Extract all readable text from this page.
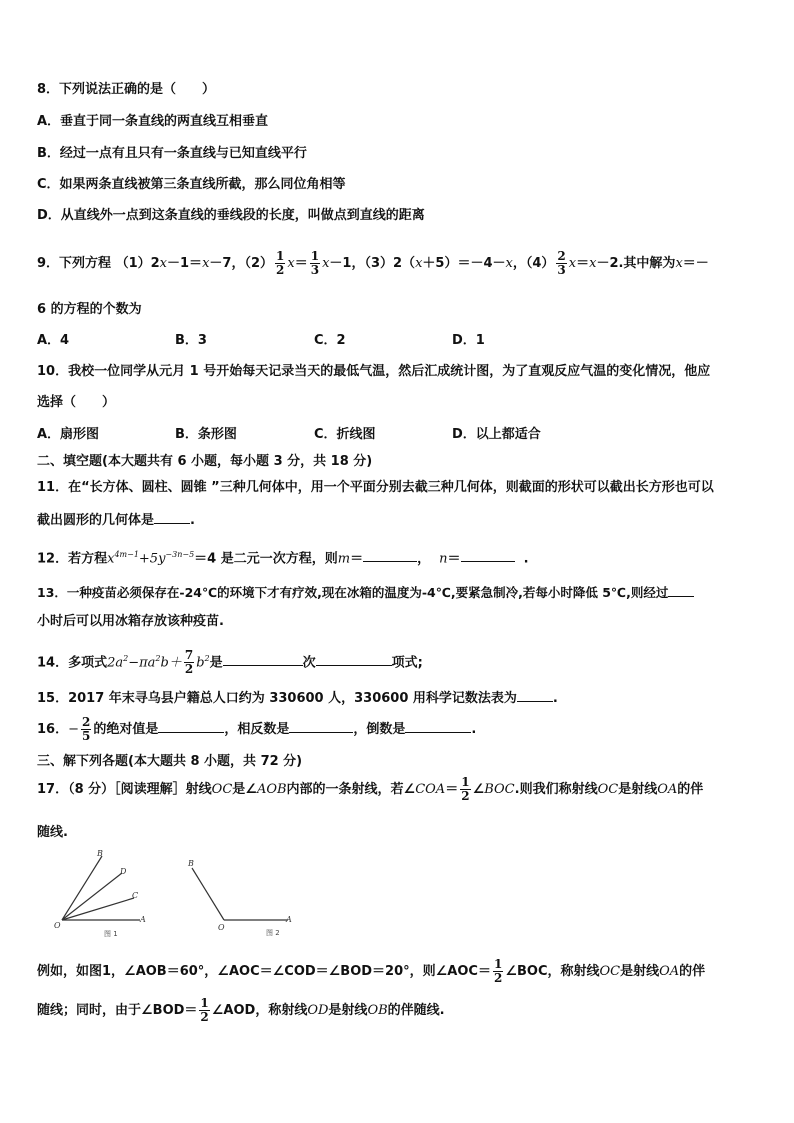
8．下列说法正确的是（　　）
A．垂直于同一条直线的两直线互相垂直
B．经过一点有且只有一条直线与已知直线平行
C．如果两条直线被第三条直线所截，那么同位角相等
D．从直线外一点到这条直线的垂线段的长度，叫做点到直线的距离
9．下列方程 （1）2x－1＝x－7，$(2) \frac{1}{2} x= \frac{1}{3} x-1$，（3）2（x＋5）＝－4－x，$(4) \frac{2}{3} x=x-2$.其中解为x＝－
6 的方程的个数为
A．4	B．3	C．2	D．1
10．我校一位同学从元月 1 号开始每天记录当天的最低气温，然后汇成统计图，为了直观反应气温的变化情况，他应
选择（　　）
A．扇形图	B．条形图	C．折线图	D．以上都适合
二、填空题(本大题共有 6 小题，每小题 3 分，共 18 分)
11．在“长方体、圆柱、圆锥 ”三种几何体中，用一个平面分别去截三种几何体，则截面的形状可以截出长方形也可以
截出圆形的几何体是	.
12．若方程$x^{4m-1}+5y^{-3n-5}=4$ 是二元一次方程，则m＝	， n＝	.
13．一种疫苗必须保存在-24℃的环境下才有疗效,现在冰箱的温度为-4℃,要紧急制冷,若每小时降低 5℃,则经过
小时后可以用冰箱存放该种疫苗.
14．多项式$2a^2-\pi a^2b+ \frac{7}{2} b^2$是	次	项式;
15．2017 年末寻乌县户籍总人口约为 330600 人，330600 用科学记数法表为	.
16．− $\frac{2}{5}$ 的绝对值是	，相反数是	，倒数是	.
三、解下列各题(本大题共 8 小题，共 72 分)
17．（8 分）［阅读理解］射线OC是∠AOB内部的一条射线，若∠COA＝ $\frac{1}{2}$ ∠BOC.则我们称射线OC是射线OA的伴
随线.
B
D
C
A
O
图 1
B
O
A
图 2
例如，如图1，∠AOB＝60°，∠AOC＝∠COD＝∠BOD＝20°，则∠AOC＝ $\frac{1}{2}$ ∠BOC，称射线OC是射线OA的伴
随线；同时，由于∠BOD＝ $\frac{1}{2}$ ∠AOD，称射线OD是射线OB的伴随线.
